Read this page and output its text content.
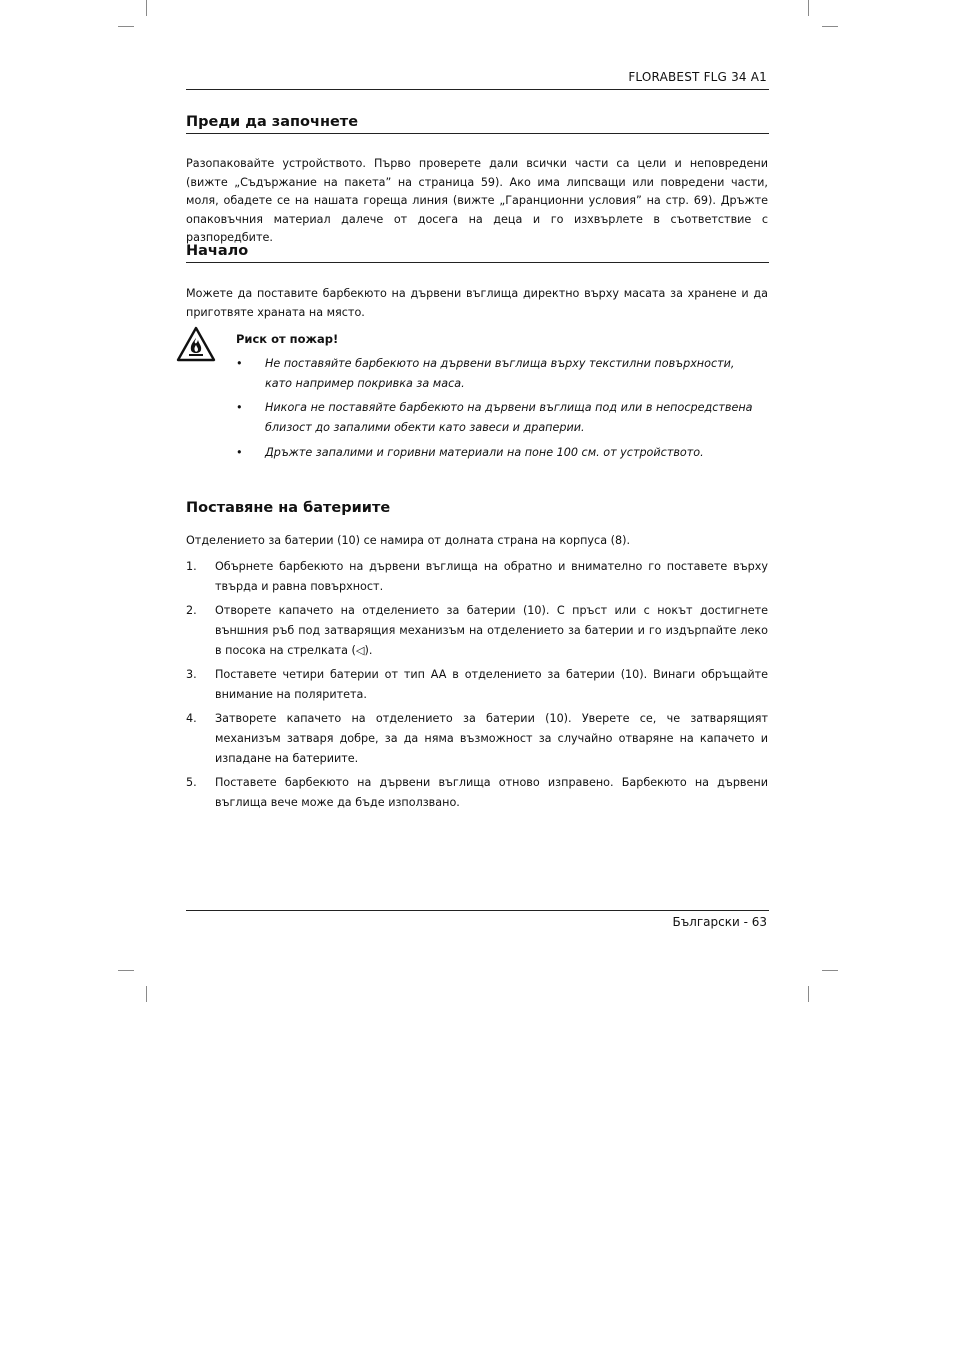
FLORABEST FLG 34 A1
Преди да започнете
Разопаковайте устройството. Първо проверете дали всички части са цели и неповредени (вижте „Съдържание на пакета” на страница 59). Ако има липсващи или повредени части, моля, обадете се на нашата гореща линия (вижте „Гаранционни условия” на стр. 69). Дръжте опаковъчния материал далече от досега на деца и го изхвърлете в съответствие с разпоредбите.
Начало
Можете да поставите барбекюто на дървени въглища директно върху масата за хранене и да приготвяте храната на място.
Риск от пожар!
• Не поставяйте барбекюто на дървени въглища върху текстилни повърхности, като например покривка за маса.
• Никога не поставяйте барбекюто на дървени въглища под или в непосредствена близост до запалими обекти като завеси и драперии.
• Дръжте запалими и горивни материали на поне 100 см. от устройството.
Поставяне на батериите
Отделението за батерии (10) се намира от долната страна на корпуса (8).
1. Обърнете барбекюто на дървени въглища на обратно и внимателно го поставете върху твърда и равна повърхност.
2. Отворете капачето на отделението за батерии (10). С пръст или с нокът достигнете външния ръб под затварящия механизъм на отделението за батерии и го издърпайте леко в посока на стрелката (◁).
3. Поставете четири батерии от тип AA в отделението за батерии (10). Винаги обръщайте внимание на поляритета.
4. Затворете капачето на отделението за батерии (10). Уверете се, че затварящият механизъм затваря добре, за да няма възможност за случайно отваряне на капачето и изпадане на батериите.
5. Поставете барбекюто на дървени въглища отново изправено. Барбекюто на дървени въглища вече може да бъде използвано.
Български - 63
